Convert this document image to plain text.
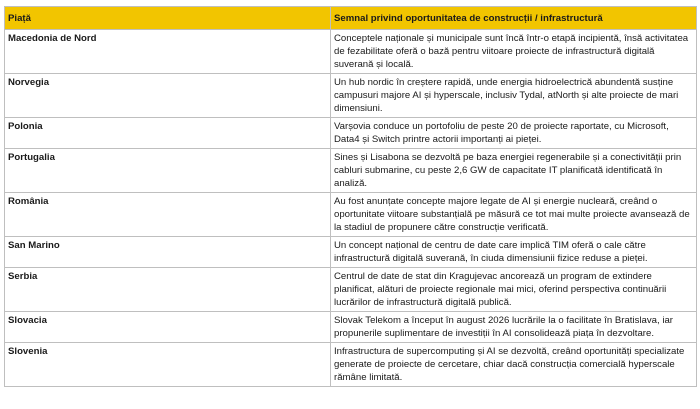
Piață	Semnal privind oportunitatea de construcții / infrastructură
Macedonia de Nord	Conceptele naționale și municipale sunt încă într-o etapă incipientă, însă activitatea de fezabilitate oferă o bază pentru viitoare proiecte de infrastructură digitală suverană și locală.
Norvegia	Un hub nordic în creștere rapidă, unde energia hidroelectrică abundentă susține campusuri majore AI și hyperscale, inclusiv Tydal, atNorth și alte proiecte de mari dimensiuni.
Polonia	Varșovia conduce un portofoliu de peste 20 de proiecte raportate, cu Microsoft, Data4 și Switch printre actorii importanți ai pieței.
Portugalia	Sines și Lisabona se dezvoltă pe baza energiei regenerabile și a conectivității prin cabluri submarine, cu peste 2,6 GW de capacitate IT planificată identificată în analiză.
România	Au fost anunțate concepte majore legate de AI și energie nucleară, creând o oportunitate viitoare substanțială pe măsură ce tot mai multe proiecte avansează de la stadiul de propunere către construcție verificată.
San Marino	Un concept național de centru de date care implică TIM oferă o cale către infrastructură digitală suverană, în ciuda dimensiunii fizice reduse a pieței.
Serbia	Centrul de date de stat din Kragujevac ancorează un program de extindere planificat, alături de proiecte regionale mai mici, oferind perspectiva continuării lucrărilor de infrastructură digitală publică.
Slovacia	Slovak Telekom a început în august 2026 lucrările la o facilitate în Bratislava, iar propunerile suplimentare de investiții în AI consolidează piața în dezvoltare.
Slovenia	Infrastructura de supercomputing și AI se dezvoltă, creând oportunități specializate generate de proiecte de cercetare, chiar dacă construcția comercială hyperscale rămâne limitată.
